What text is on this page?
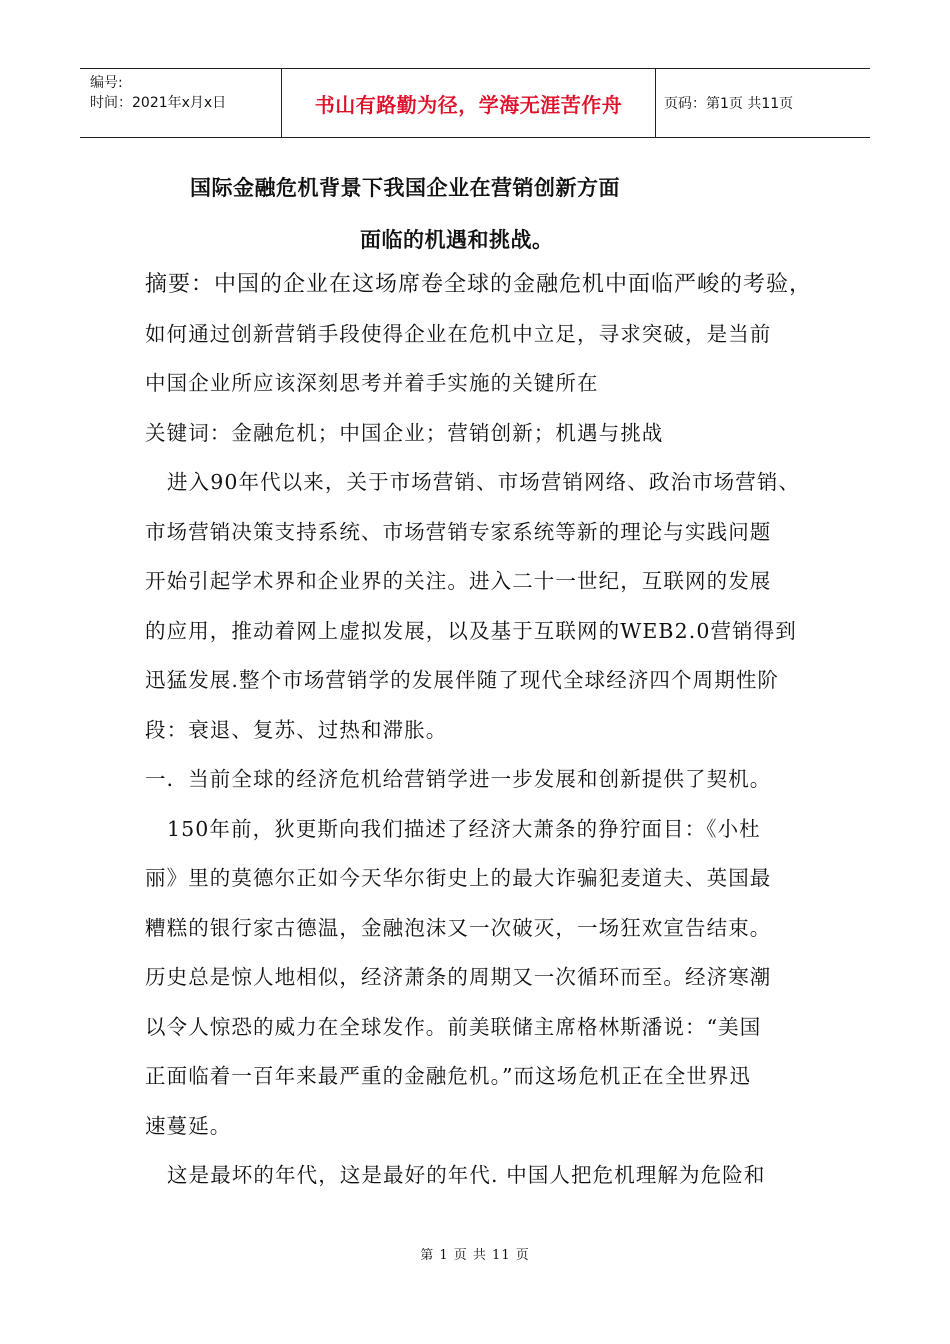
编号:
时间：2021年x月x日	书山有路勤为径，学海无涯苦作舟	页码：第1页 共11页
国际金融危机背景下我国企业在营销创新方面
面临的机遇和挑战。
摘要：中国的企业在这场席卷全球的金融危机中面临严峻的考验，
如何通过创新营销手段使得企业在危机中立足，寻求突破，是当前
中国企业所应该深刻思考并着手实施的关键所在
关键词：金融危机；中国企业；营销创新；机遇与挑战
进入90年代以来，关于市场营销、市场营销网络、政治市场营销、
市场营销决策支持系统、市场营销专家系统等新的理论与实践问题
开始引起学术界和企业界的关注。进入二十一世纪，互联网的发展
的应用，推动着网上虚拟发展，以及基于互联网的WEB2.0营销得到
迅猛发展.整个市场营销学的发展伴随了现代全球经济四个周期性阶
段：衰退、复苏、过热和滞胀。
一．当前全球的经济危机给营销学进一步发展和创新提供了契机。
150年前，狄更斯向我们描述了经济大萧条的狰狞面目：《小杜
丽》里的莫德尔正如今天华尔街史上的最大诈骗犯麦道夫、英国最
糟糕的银行家古德温，金融泡沫又一次破灭，一场狂欢宣告结束。
历史总是惊人地相似，经济萧条的周期又一次循环而至。经济寒潮
以令人惊恐的威力在全球发作。前美联储主席格林斯潘说：“美国
正面临着一百年来最严重的金融危机。”而这场危机正在全世界迅
速蔓延。
这是最坏的年代，这是最好的年代. 中国人把危机理解为危险和
第 1 页 共 11 页
